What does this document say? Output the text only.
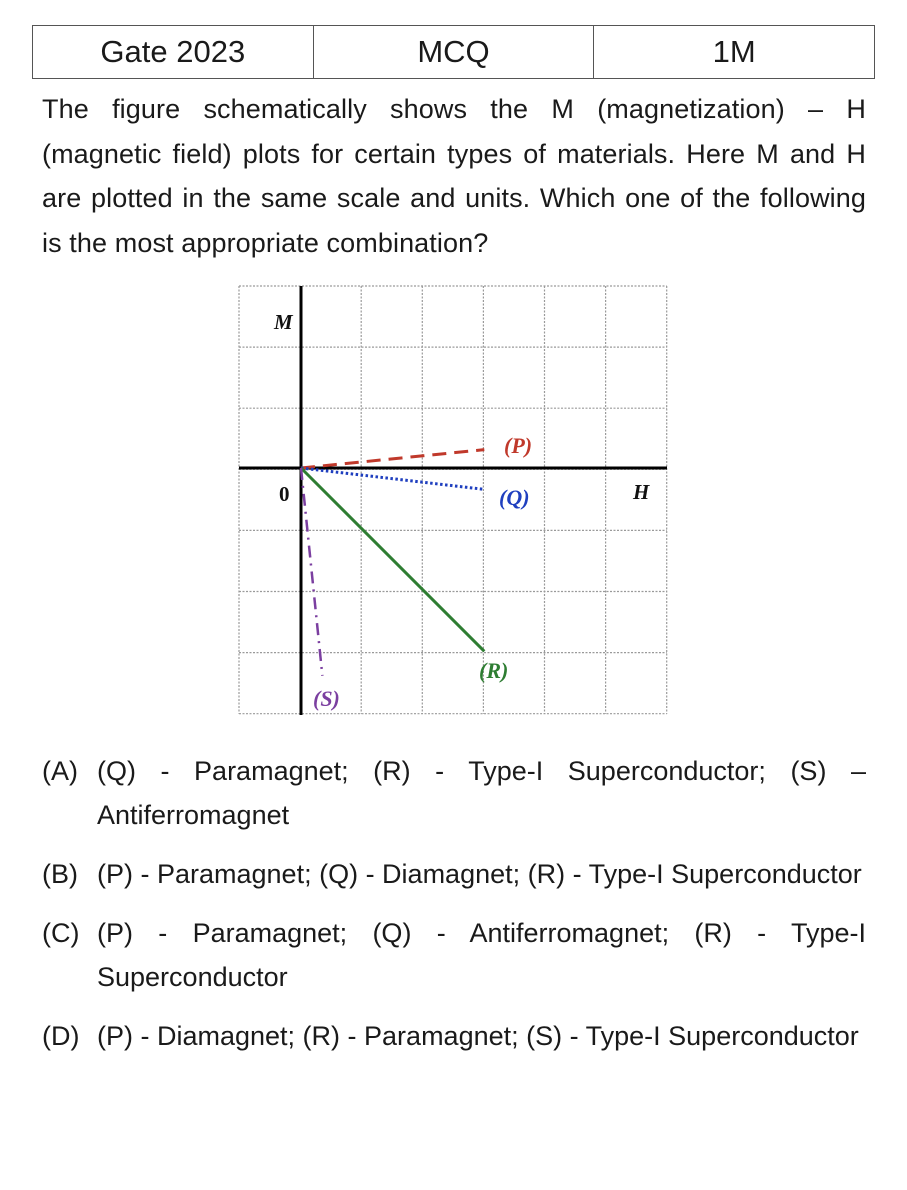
Gate 2023	MCQ	1M
The figure schematically shows the M (magnetization) – H (magnetic field) plots for certain types of materials. Here M and H are plotted in the same scale and units. Which one of the following is the most appropriate combination?
M
H
0
(P)
(Q)
(R)
(S)
(A) (Q) - Paramagnet; (R) - Type-I Superconductor; (S) – Antiferromagnet
(B) (P) - Paramagnet; (Q) - Diamagnet; (R) - Type-I Superconductor
(C) (P) - Paramagnet; (Q) - Antiferromagnet; (R) - Type-I Superconductor
(D) (P) - Diamagnet; (R) - Paramagnet; (S) - Type-I Superconductor
